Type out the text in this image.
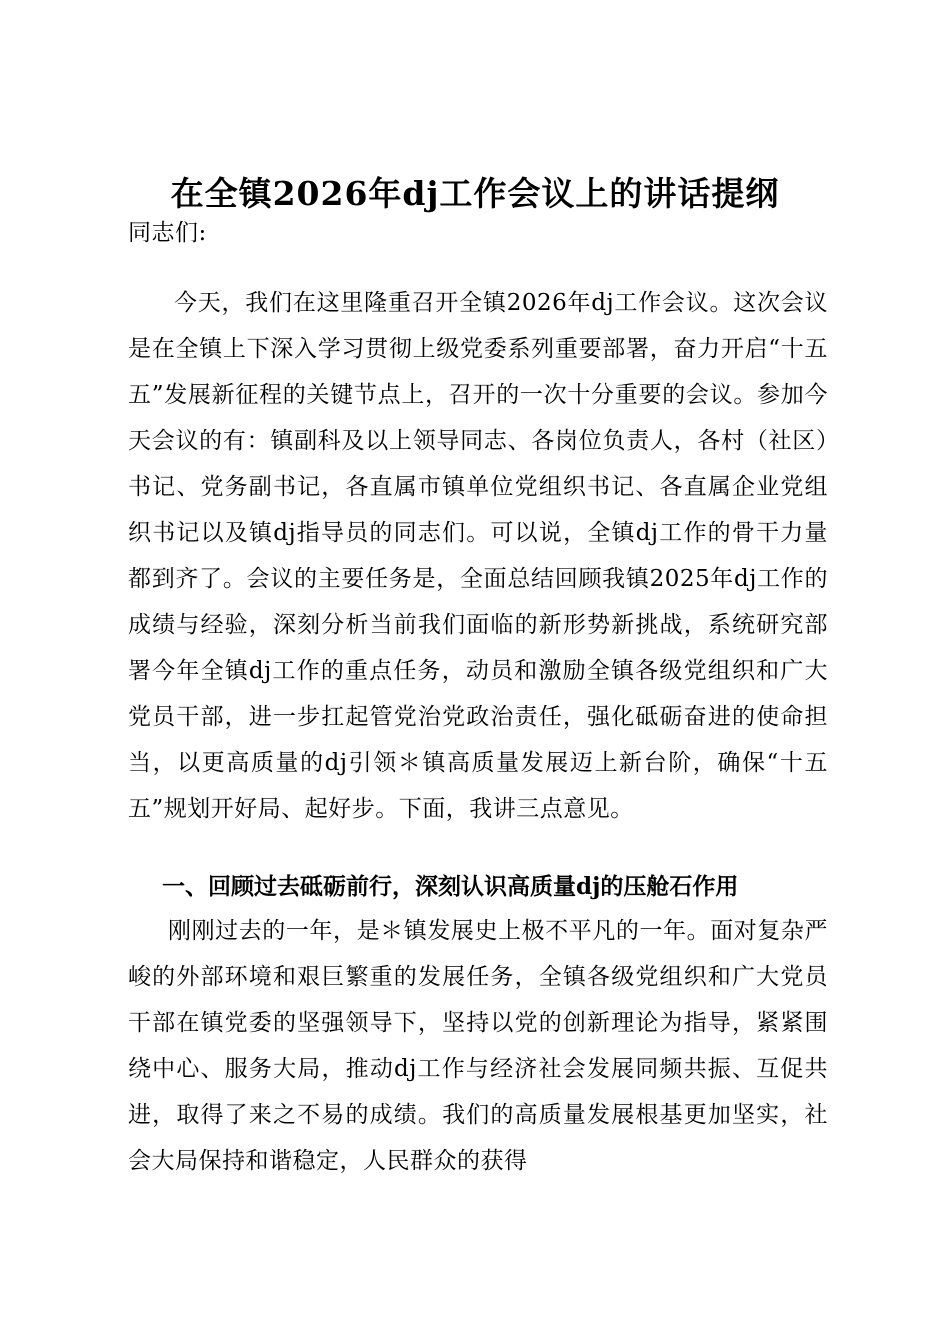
在全镇2026年dj工作会议上的讲话提纲
同志们:
今天，我们在这里隆重召开全镇2026年dj工作会议。这次会议是在全镇上下深入学习贯彻上级党委系列重要部署，奋力开启“十五五”发展新征程的关键节点上，召开的一次十分重要的会议。参加今天会议的有：镇副科及以上领导同志、各岗位负责人，各村（社区）书记、党务副书记，各直属市镇单位党组织书记、各直属企业党组织书记以及镇dj指导员的同志们。可以说，全镇dj工作的骨干力量都到齐了。会议的主要任务是，全面总结回顾我镇2025年dj工作的成绩与经验，深刻分析当前我们面临的新形势新挑战，系统研究部署今年全镇dj工作的重点任务，动员和激励全镇各级党组织和广大党员干部，进一步扛起管党治党政治责任，强化砥砺奋进的使命担当，以更高质量的dj引领＊镇高质量发展迈上新台阶，确保“十五五”规划开好局、起好步。下面，我讲三点意见。
一、回顾过去砥砺前行，深刻认识高质量dj的压舱石作用
刚刚过去的一年，是＊镇发展史上极不平凡的一年。面对复杂严峻的外部环境和艰巨繁重的发展任务，全镇各级党组织和广大党员干部在镇党委的坚强领导下，坚持以党的创新理论为指导，紧紧围绕中心、服务大局，推动dj工作与经济社会发展同频共振、互促共进，取得了来之不易的成绩。我们的高质量发展根基更加坚实，社会大局保持和谐稳定，人民群众的获得
